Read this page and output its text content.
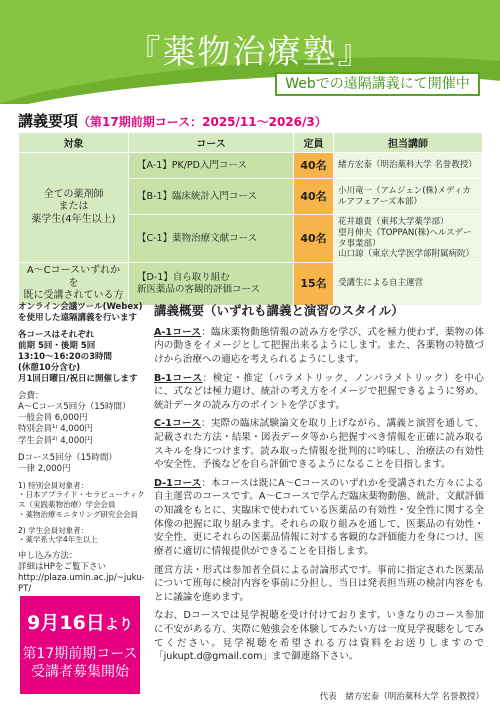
『薬物治療塾』
Webでの遠隔講義にて開催中
講義要項（第17期前期コース：2025/11～2026/3）
対象	コース	定員	担当講師
全ての薬剤師
または
薬学生(4年生以上)	【A-1】PK/PD入門コース	40名	緒方宏泰（明治薬科大学 名誉教授）
	【B-1】臨床統計入門コース	40名	小川竜一（アムジェン(株)メディカルアフェアーズ本部）
	【C-1】薬物治療文献コース	40名	花井雄貴（東邦大学薬学部）
望月伸夫（TOPPAN(株)ヘルスデータ事業部）
山口諒（東京大学医学部附属病院）
A～Cコースいずれかを
既に受講されている方	【D-1】自ら取り組む
新医薬品の客観的評価コース	15名	受講生による自主運営

オンライン会議ツール(Webex)を使用した遠隔講義を行います

各コースはそれぞれ
前期 5回・後期 5回
13:10～16:20の3時間
(休憩10分含む)
月1回日曜日/祝日に開催します

会費：
A～Cコース5回分（15時間）
一般会員 6,000円
特別会員¹⁾ 4,000円
学生会員²⁾ 4,000円

Dコース5回分（15時間）
一律 2,000円

1) 特別会員対象者：
・日本アプライド・セラピューティクス（実践薬物治療）学会会員
・薬物治療モニタリング研究会会員

2) 学生会員対象者：
・薬学系大学4年生以上

申し込み方法：
詳細はHPをご覧下さい
http://plaza.umin.ac.jp/~juku-PT/

9月16日より
第17期前期コース
受講者募集開始
講義概要（いずれも講義と演習のスタイル）

A-1コース：臨床薬物動態情報の読み方を学び、式を極力使わず、薬物の体内の動きをイメージとして把握出来るようにします。また、各薬物の特徴づけから治療への適応を考えられるようにします。

B-1コース：検定・推定（パラメトリック、ノンパラメトリック）を中心に、式などは極力避け、統計の考え方をイメージで把握できるように努め、統計データの読み方のポイントを学びます。

C-1コース：実際の臨床試験論文を取り上げながら、講義と演習を通して、記載された方法・結果・図表データ等から把握すべき情報を正確に読み取るスキルを身につけます。読み取った情報を批判的に吟味し、治療法の有効性や安全性、予後などを自ら評価できるようになることを目指します。

D-1コース：本コースは既にA～Cコースのいずれかを受講された方々による自主運営のコースです。A～Cコースで学んだ臨床薬物動態、統計、文献評価の知識をもとに、実臨床で使われている医薬品の有効性・安全性に関する全体像の把握に取り組みます。それらの取り組みを通して、医薬品の有効性・安全性、更にそれらの医薬品情報に対する客観的な評価能力を身につけ、医療者に適切に情報提供ができることを目指します。

運営方法・形式は参加者全員による討論形式です。事前に指定された医薬品について班毎に検討内容を事前に分担し、当日は発表担当班の検討内容をもとに議論を進めます。

なお、Dコースでは見学視聴を受け付けております。いきなりのコース参加に不安がある方、実際に勉強会を体験してみたい方は一度見学視聴をしてみてください。見学視聴を希望される方は資料をお送りしますので「jukupt.d@gmail.com」まで御連絡下さい。

代表　緒方宏泰（明治薬科大学 名誉教授）
